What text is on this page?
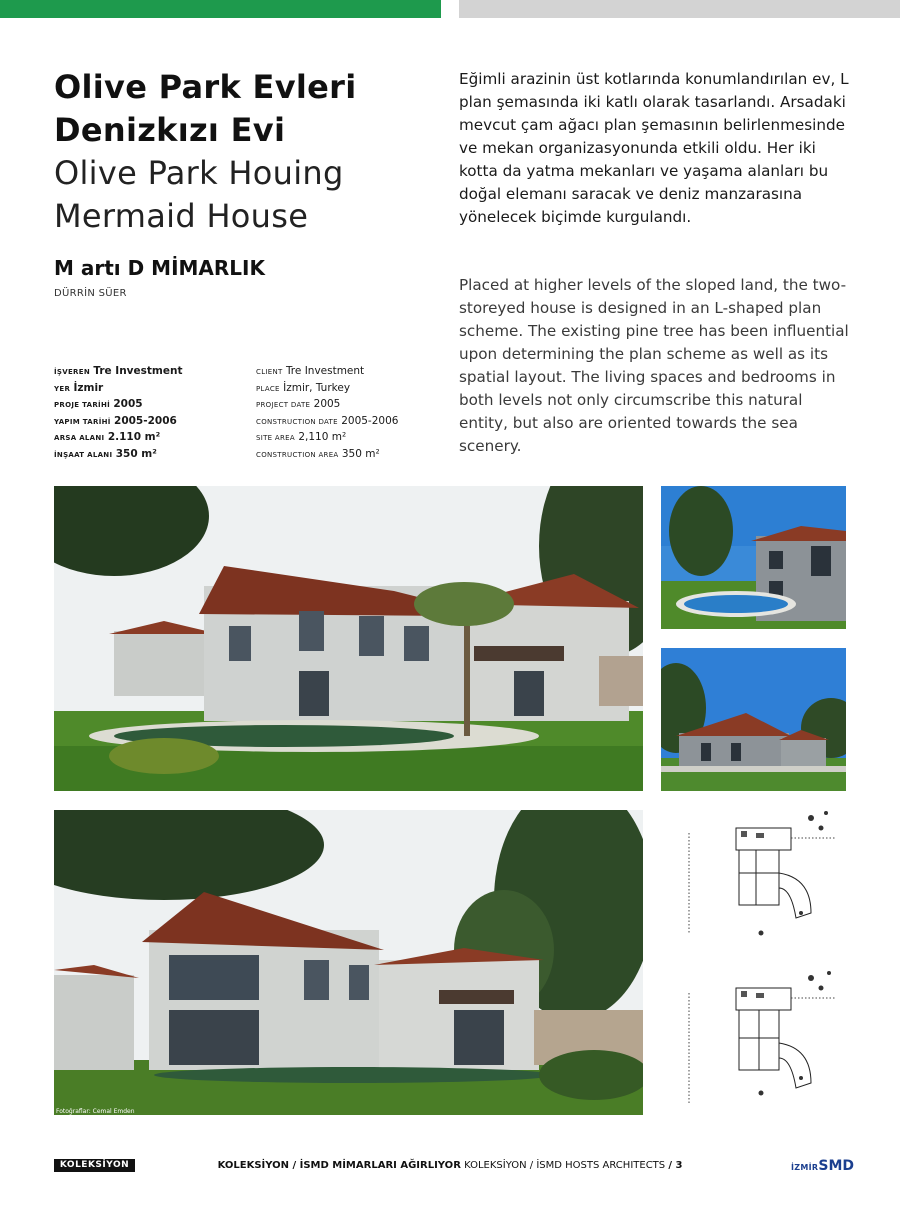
Olive Park Evleri
Denizkızı Evi
Olive Park Houing
Mermaid House
M artı D MİMARLIK
DÜRRİN SÜER
İŞVEREN Tre Investment
YER İzmir
PROJE TARİHİ 2005
YAPIM TARİHİ 2005-2006
ARSA ALANI 2.110 m²
İNŞAAT ALANI 350 m²
CLIENT Tre Investment
PLACE İzmir, Turkey
PROJECT DATE 2005
CONSTRUCTION DATE 2005-2006
SITE AREA 2,110 m²
CONSTRUCTION AREA 350 m²

Eğimli arazinin üst kotlarında konumlandırılan ev, L plan şemasında iki katlı olarak tasarlandı. Arsadaki mevcut çam ağacı plan şemasının belirlenmesinde ve mekan organizasyonunda etkili oldu. Her iki kotta da yatma mekanları ve yaşama alanları bu doğal elemanı saracak ve deniz manzarasına yönelecek biçimde kurgulandı.

Placed at higher levels of the sloped land, the two-storeyed house is designed in an L-shaped plan scheme. The existing pine tree has been influential upon determining the plan scheme as well as its spatial layout. The living spaces and bedrooms in both levels not only circumscribe this natural entity, but also are oriented towards the sea scenery.

Fotoğraflar: Cemal Emden
KOLEKSİYON	KOLEKSİYON / İSMD MİMARLARI AĞIRLIYOR KOLEKSİYON / İSMD HOSTS ARCHITECTS / 3	İZMİRSMD
